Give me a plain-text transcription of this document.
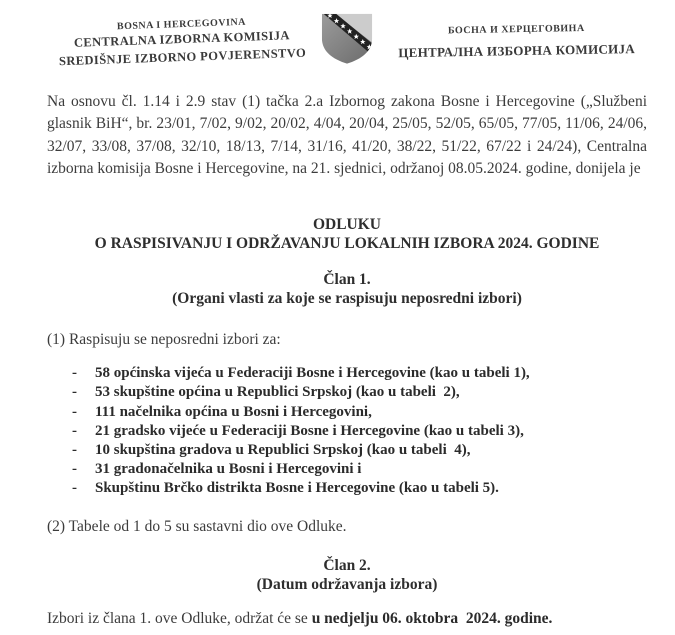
BOSNA I HERCEGOVINA
CENTRALNA IZBORNA KOMISIJA
SREDIŠNJE IZBORNO POVJERENSTVO
БОСНА И ХЕРЦЕГОВИНА
ЦЕНТРАЛНА ИЗБОРНА КОМИСИЈА

Na osnovu čl. 1.14 i 2.9 stav (1) tačka 2.a Izbornog zakona Bosne i Hercegovine („Službeni glasnik BiH“, br. 23/01, 7/02, 9/02, 20/02, 4/04, 20/04, 25/05, 52/05, 65/05, 77/05, 11/06, 24/06, 32/07, 33/08, 37/08, 32/10, 18/13, 7/14, 31/16, 41/20, 38/22, 51/22, 67/22 i 24/24), Centralna izborna komisija Bosne i Hercegovine, na 21. sjednici, održanoj 08.05.2024. godine, donijela je

ODLUKU
O RASPISIVANJU I ODRŽAVANJU LOKALNIH IZBORA 2024. GODINE
Član 1.
(Organi vlasti za koje se raspisuju neposredni izbori)

(1) Raspisuju se neposredni izbori za:

-	58 općinska vijeća u Federaciji Bosne i Hercegovine (kao u tabeli 1),
-	53 skupštine općina u Republici Srpskoj (kao u tabeli  2),
-	111 načelnika općina u Bosni i Hercegovini,
-	21 gradsko vijeće u Federaciji Bosne i Hercegovine (kao u tabeli 3),
-	10 skupština gradova u Republici Srpskoj (kao u tabeli  4),
-	31 gradonačelnika u Bosni i Hercegovini i
-	Skupštinu Brčko distrikta Bosne i Hercegovine (kao u tabeli 5).

(2) Tabele od 1 do 5 su sastavni dio ove Odluke.

Član 2.
(Datum održavanja izbora)

Izbori iz člana 1. ove Odluke, održat će se u nedjelju 06. oktobra  2024. godine.
